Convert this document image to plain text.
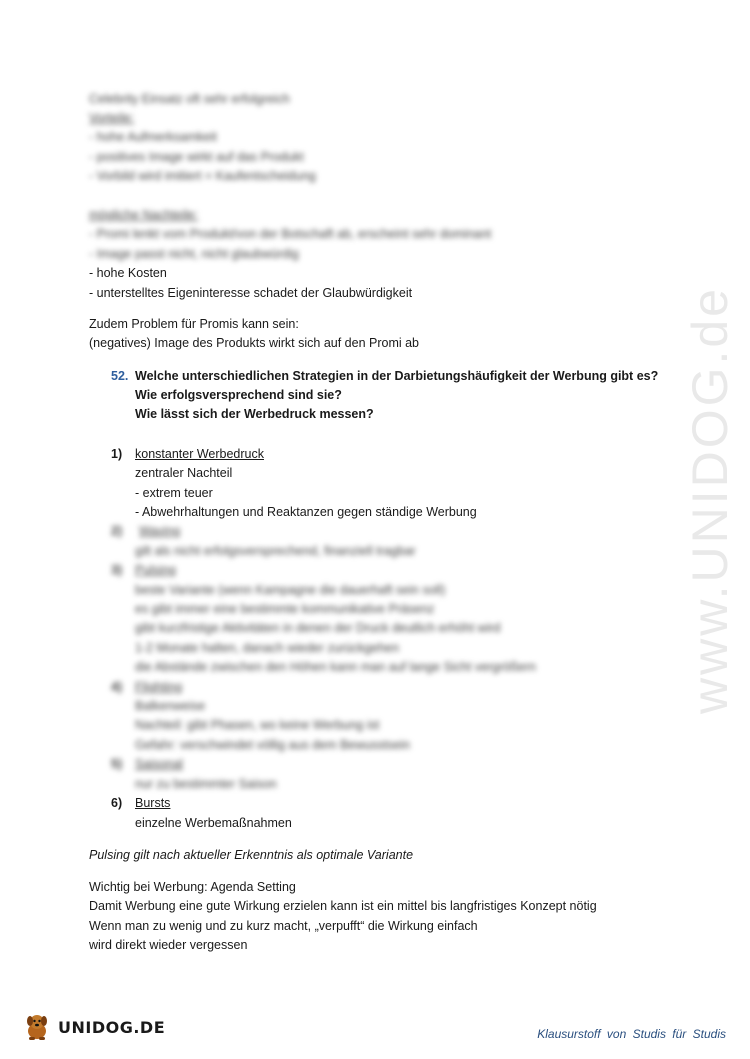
www.UNIDOG.de
Celebrity Einsatz oft sehr erfolgreich
Vorteile:
- hohe Aufmerksamkeit
- positives Image wirkt auf das Produkt
- Vorbild wird imitiert = Kaufentscheidung
mögliche Nachteile:
- Promi lenkt vom Produkt/von der Botschaft ab, erscheint sehr dominant
- Image passt nicht, nicht glaubwürdig
- hohe Kosten
- unterstelltes Eigeninteresse schadet der Glaubwürdigkeit
Zudem Problem für Promis kann sein:
(negatives) Image des Produkts wirkt sich auf den Promi ab
52. Welche unterschiedlichen Strategien in der Darbietungshäufigkeit der Werbung gibt es?
Wie erfolgsversprechend sind sie?
Wie lässt sich der Werbedruck messen?
1) konstanter Werbedruck
zentraler Nachteil
- extrem teuer
- Abwehrhaltungen und Reaktanzen gegen ständige Werbung
2) Waving
gilt als nicht erfolgsversprechend, finanziell tragbar
3) Pulsing
beste Variante (wenn Kampagne die dauerhaft sein soll)
es gibt immer eine bestimmte kommunikative Präsenz
gibt kurzfristige Aktivitäten in denen der Druck deutlich erhöht wird
1-2 Monate halten, danach wieder zurückgehen
die Abstände zwischen den Höhen kann man auf lange Sicht vergrößern
4) Flighting
Balkenweise
Nachteil: gibt Phasen, wo keine Werbung ist
Gefahr: verschwindet völlig aus dem Bewusstsein
5) Saisonal
nur zu bestimmter Saison
6) Bursts
einzelne Werbemaßnahmen
Pulsing gilt nach aktueller Erkenntnis als optimale Variante
Wichtig bei Werbung: Agenda Setting
Damit Werbung eine gute Wirkung erzielen kann ist ein mittel bis langfristiges Konzept nötig
Wenn man zu wenig und zu kurz macht, „verpufft“ die Wirkung einfach
wird direkt wieder vergessen
UNIDOG.DE	Klausurstoff von Studis für Studis
